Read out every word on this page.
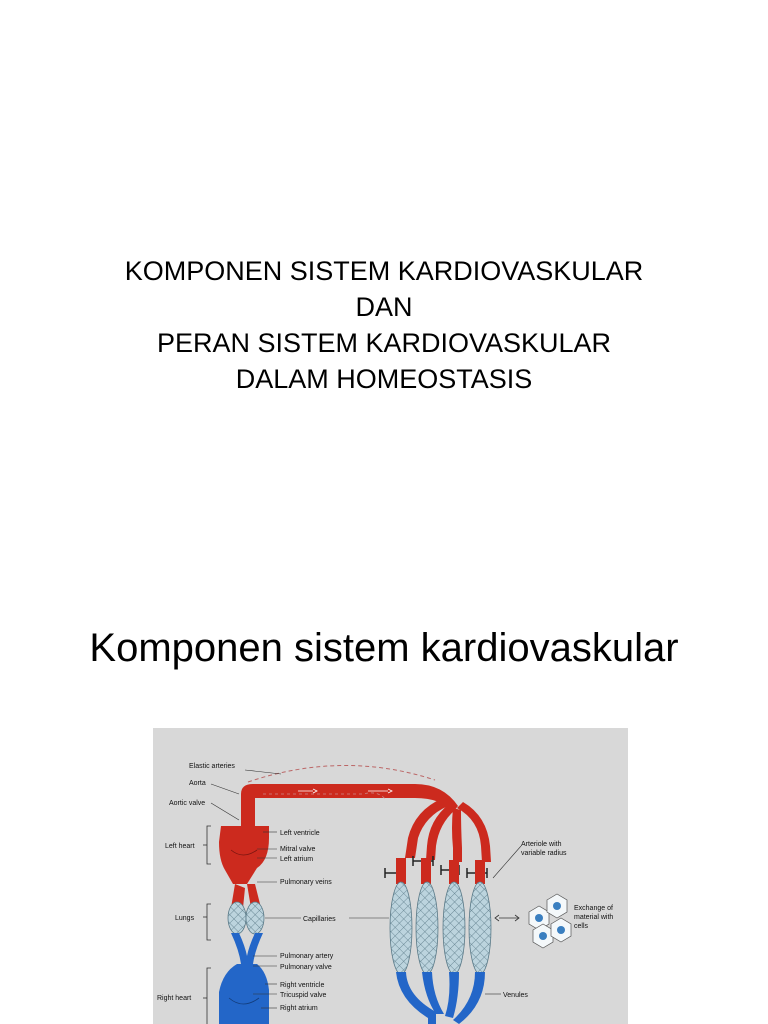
KOMPONEN SISTEM KARDIOVASKULAR
DAN
PERAN SISTEM KARDIOVASKULAR
DALAM HOMEOSTASIS
Komponen sistem kardiovaskular
Elastic arteries
Aorta
Aortic valve
Left heart
Left ventricle
Mitral valve
Left atrium
Pulmonary veins
Lungs	Capillaries
Pulmonary artery
Pulmonary valve
Right heart
Right ventricle
Tricuspid valve
Right atrium
Arteriole with
variable radius
Exchange of
material with
cells
Venules
